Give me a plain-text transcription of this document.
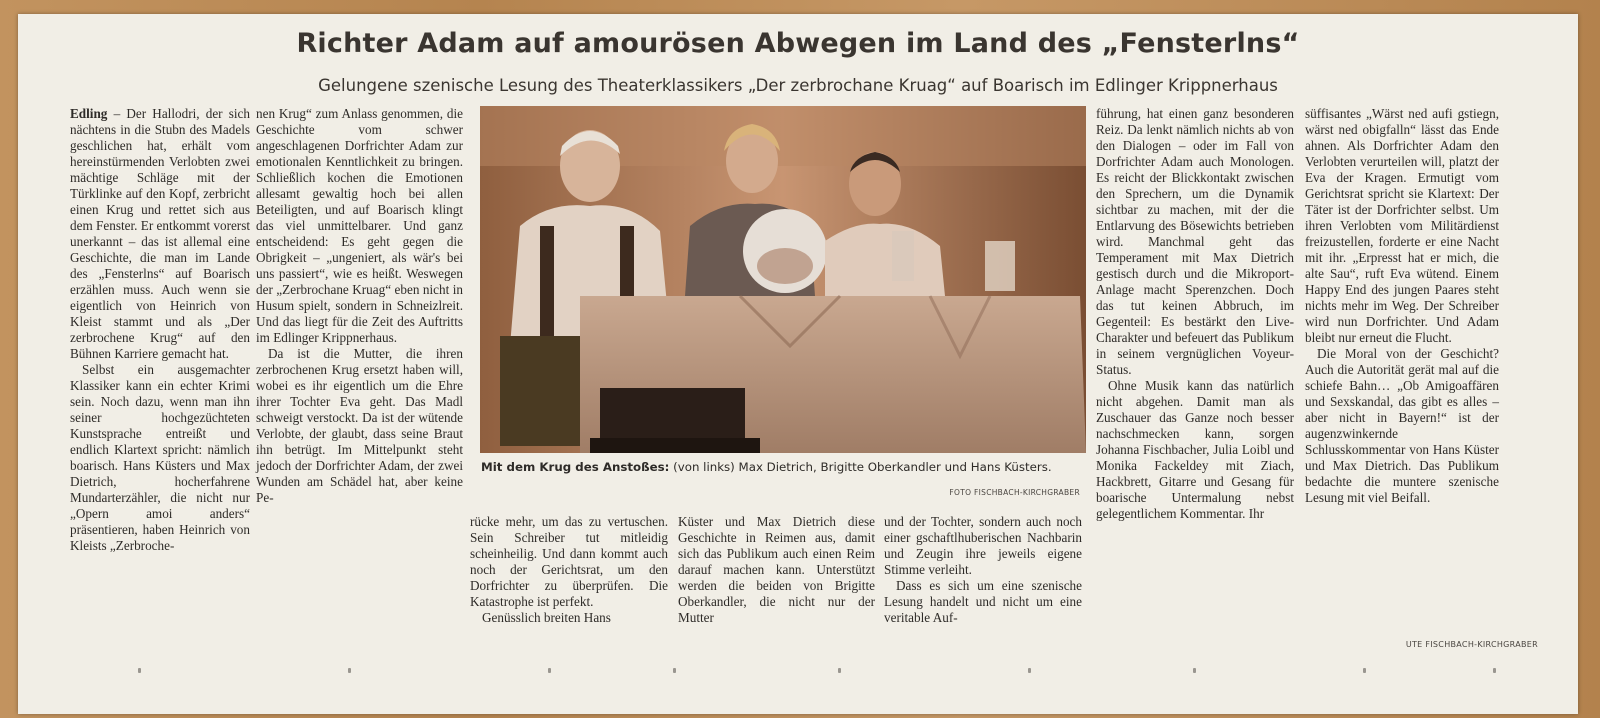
Richter Adam auf amourösen Abwegen im Land des „Fensterlns“
Gelungene szenische Lesung des Theaterklassikers „Der zerbrochane Kruag“ auf Boarisch im Edlinger Krippnerhaus

Edling – Der Hallodri, der sich nächtens in die Stubn des Madels geschlichen hat, erhält vom hereinstürmenden Verlobten zwei mächtige Schläge mit der Türklinke auf den Kopf, zerbricht einen Krug und rettet sich aus dem Fenster. Er entkommt vorerst unerkannt – das ist allemal eine Geschichte, die man im Lande des „Fensterlns“ auf Boarisch erzählen muss. Auch wenn sie eigentlich von Heinrich von Kleist stammt und als „Der zerbrochene Krug“ auf den Bühnen Karriere gemacht hat.

Selbst ein ausgemachter Klassiker kann ein echter Krimi sein. Noch dazu, wenn man ihn seiner hochgezüchteten Kunstsprache entreißt und endlich Klartext spricht: nämlich boarisch. Hans Küsters und Max Dietrich, hocherfahrene Mundarterzähler, die nicht nur „Opern amoi anders“ präsentieren, haben Heinrich von Kleists „Zerbroche-

nen Krug“ zum Anlass genommen, die Geschichte vom schwer angeschlagenen Dorfrichter Adam zur emotionalen Kenntlichkeit zu bringen. Schließlich kochen die Emotionen allesamt gewaltig hoch bei allen Beteiligten, und auf Boarisch klingt das viel unmittelbarer. Und ganz entscheidend: Es geht gegen die Obrigkeit – „ungeniert, als wär's bei uns passiert“, wie es heißt. Weswegen der „Zerbrochane Kruag“ eben nicht in Husum spielt, sondern in Schneizlreit. Und das liegt für die Zeit des Auftritts im Edlinger Krippnerhaus.

Da ist die Mutter, die ihren zerbrochenen Krug ersetzt haben will, wobei es ihr eigentlich um die Ehre ihrer Tochter Eva geht. Das Madl schweigt verstockt. Da ist der wütende Verlobte, der glaubt, dass seine Braut ihn betrügt. Im Mittelpunkt steht jedoch der Dorfrichter Adam, der zwei Wunden am Schädel hat, aber keine Pe-

Mit dem Krug des Anstoßes: (von links) Max Dietrich, Brigitte Oberkandler und Hans Küsters.
FOTO FISCHBACH-KIRCHGRABER

rücke mehr, um das zu vertuschen. Sein Schreiber tut mitleidig scheinheilig. Und dann kommt auch noch der Gerichtsrat, um den Dorfrichter zu überprüfen. Die Katastrophe ist perfekt.

Genüsslich breiten Hans

Küster und Max Dietrich diese Geschichte in Reimen aus, damit sich das Publikum auch einen Reim darauf machen kann. Unterstützt werden die beiden von Brigitte Oberkandler, die nicht nur der Mutter

und der Tochter, sondern auch noch einer gschaftlhuberischen Nachbarin und Zeugin ihre jeweils eigene Stimme verleiht.

Dass es sich um eine szenische Lesung handelt und nicht um eine veritable Auf-

führung, hat einen ganz besonderen Reiz. Da lenkt nämlich nichts ab von den Dialogen – oder im Fall von Dorfrichter Adam auch Monologen. Es reicht der Blickkontakt zwischen den Sprechern, um die Dynamik sichtbar zu machen, mit der die Entlarvung des Bösewichts betrieben wird. Manchmal geht das Temperament mit Max Dietrich gestisch durch und die Mikroport-Anlage macht Sperenzchen. Doch das tut keinen Abbruch, im Gegenteil: Es bestärkt den Live-Charakter und befeuert das Publikum in seinem vergnüglichen Voyeur-Status.

Ohne Musik kann das natürlich nicht abgehen. Damit man als Zuschauer das Ganze noch besser nachschmecken kann, sorgen Johanna Fischbacher, Julia Loibl und Monika Fackeldey mit Ziach, Hackbrett, Gitarre und Gesang für boarische Untermalung nebst gelegentlichem Kommentar. Ihr

süffisantes „Wärst ned aufi gstiegn, wärst ned obigfalln“ lässt das Ende ahnen. Als Dorfrichter Adam den Verlobten verurteilen will, platzt der Eva der Kragen. Ermutigt vom Gerichtsrat spricht sie Klartext: Der Täter ist der Dorfrichter selbst. Um ihren Verlobten vom Militärdienst freizustellen, forderte er eine Nacht mit ihr. „Erpresst hat er mich, die alte Sau“, ruft Eva wütend. Einem Happy End des jungen Paares steht nichts mehr im Weg. Der Schreiber wird nun Dorfrichter. Und Adam bleibt nur erneut die Flucht.

Die Moral von der Geschicht? Auch die Autorität gerät mal auf die schiefe Bahn… „Ob Amigoaffären und Sexskandal, das gibt es alles – aber nicht in Bayern!“ ist der augenzwinkernde Schlusskommentar von Hans Küster und Max Dietrich. Das Publikum bedachte die muntere szenische Lesung mit viel Beifall.

UTE FISCHBACH-KIRCHGRABER
